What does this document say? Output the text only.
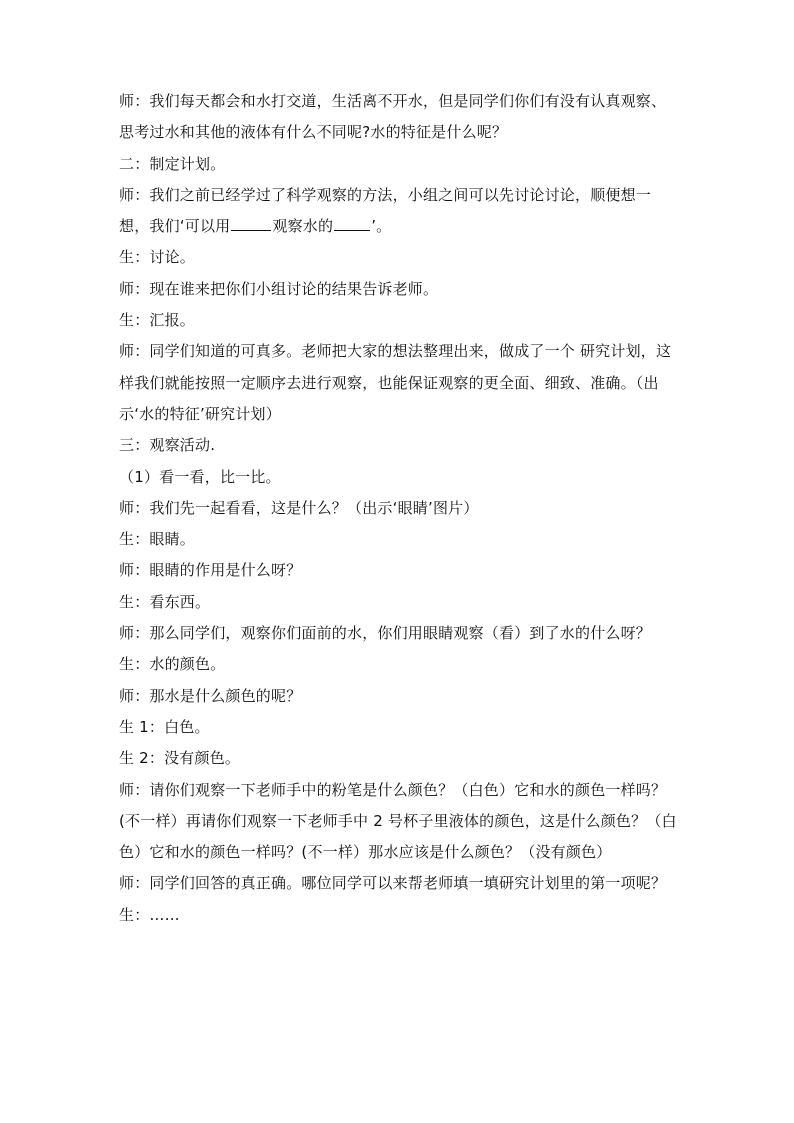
师：我们每天都会和水打交道，生活离不开水，但是同学们你们有没有认真观察、思考过水和其他的液体有什么不同呢?水的特征是什么呢？

二：制定计划。

师：我们之前已经学过了科学观察的方法，小组之间可以先讨论讨论，顺便想一想，我们‘可以用	观察水的	’。

生：讨论。

师：现在谁来把你们小组讨论的结果告诉老师。

生：汇报。

师：同学们知道的可真多。老师把大家的想法整理出来，做成了一个 研究计划，这样我们就能按照一定顺序去进行观察，也能保证观察的更全面、细致、准确。（出示‘水的特征’研究计划）

三：观察活动.

（1）看一看，比一比。

师：我们先一起看看，这是什么？（出示‘眼睛’图片）

生：眼睛。

师：眼睛的作用是什么呀？

生：看东西。

师：那么同学们，观察你们面前的水，你们用眼睛观察（看）到了水的什么呀？

生：水的颜色。

师：那水是什么颜色的呢？

生 1：白色。

生 2：没有颜色。

师：请你们观察一下老师手中的粉笔是什么颜色？（白色）它和水的颜色一样吗？(不一样）再请你们观察一下老师手中 2 号杯子里液体的颜色，这是什么颜色？（白色）它和水的颜色一样吗？(不一样）那水应该是什么颜色？（没有颜色）

师：同学们回答的真正确。哪位同学可以来帮老师填一填研究计划里的第一项呢？

生：……
